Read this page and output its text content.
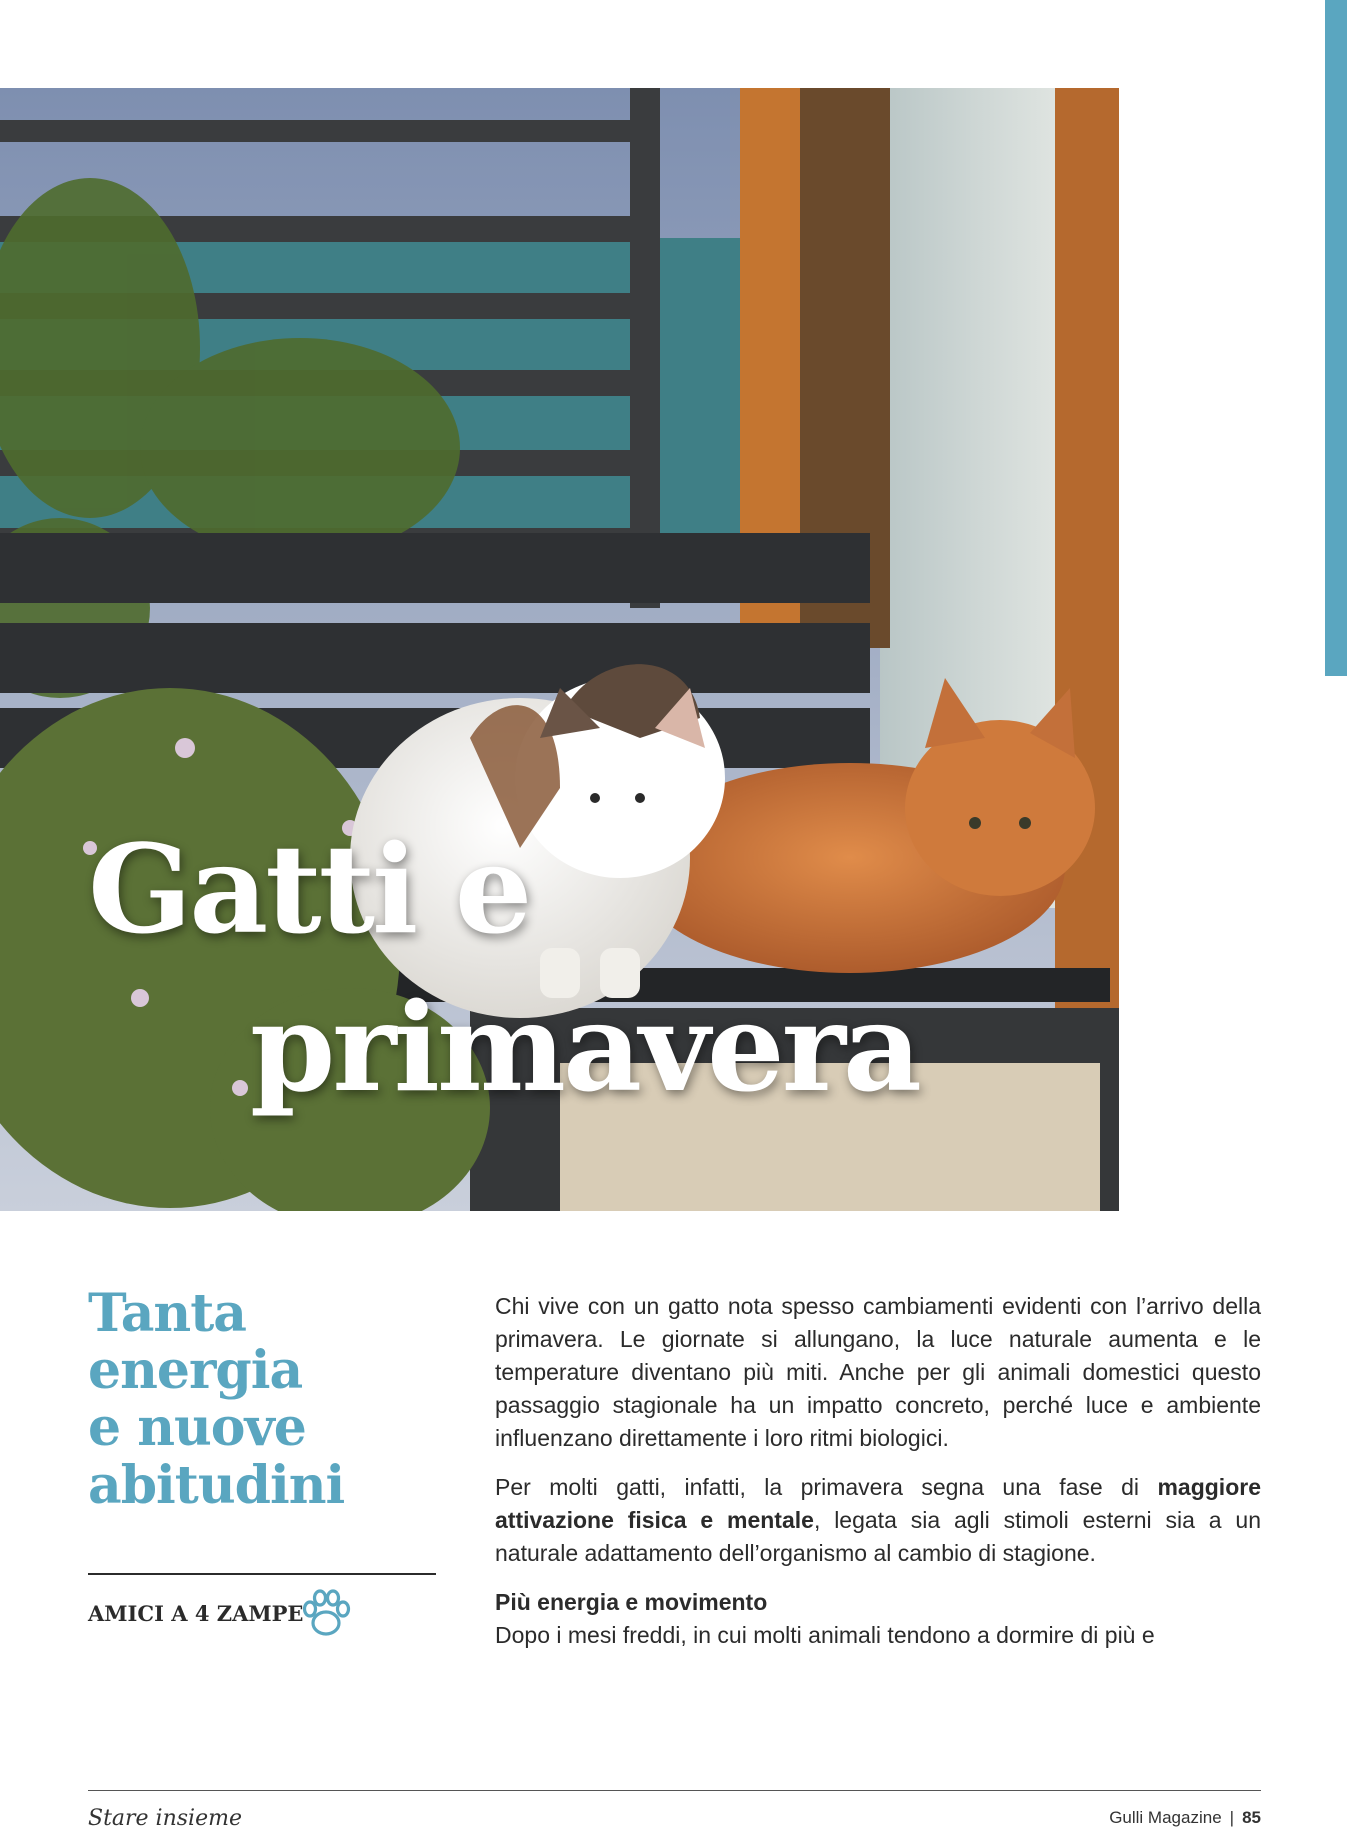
Gatti e
primavera
Tanta
energia
e nuove
abitudini
AMICI A 4 ZAMPE

Chi vive con un gatto nota spesso cambiamenti evidenti con l’arrivo della primavera. Le giornate si allungano, la luce naturale aumenta e le temperature diventano più miti. Anche per gli animali domestici questo passaggio stagionale ha un impatto concreto, perché luce e ambiente influenzano direttamente i loro ritmi biologici.

Per molti gatti, infatti, la primavera segna una fase di maggiore attivazione fisica e mentale, legata sia agli stimoli esterni sia a un naturale adattamento dell’organismo al cambio di stagione.

Più energia e movimento

Dopo i mesi freddi, in cui molti animali tendono a dormire di più e

Stare insieme	Gulli Magazine | 85
